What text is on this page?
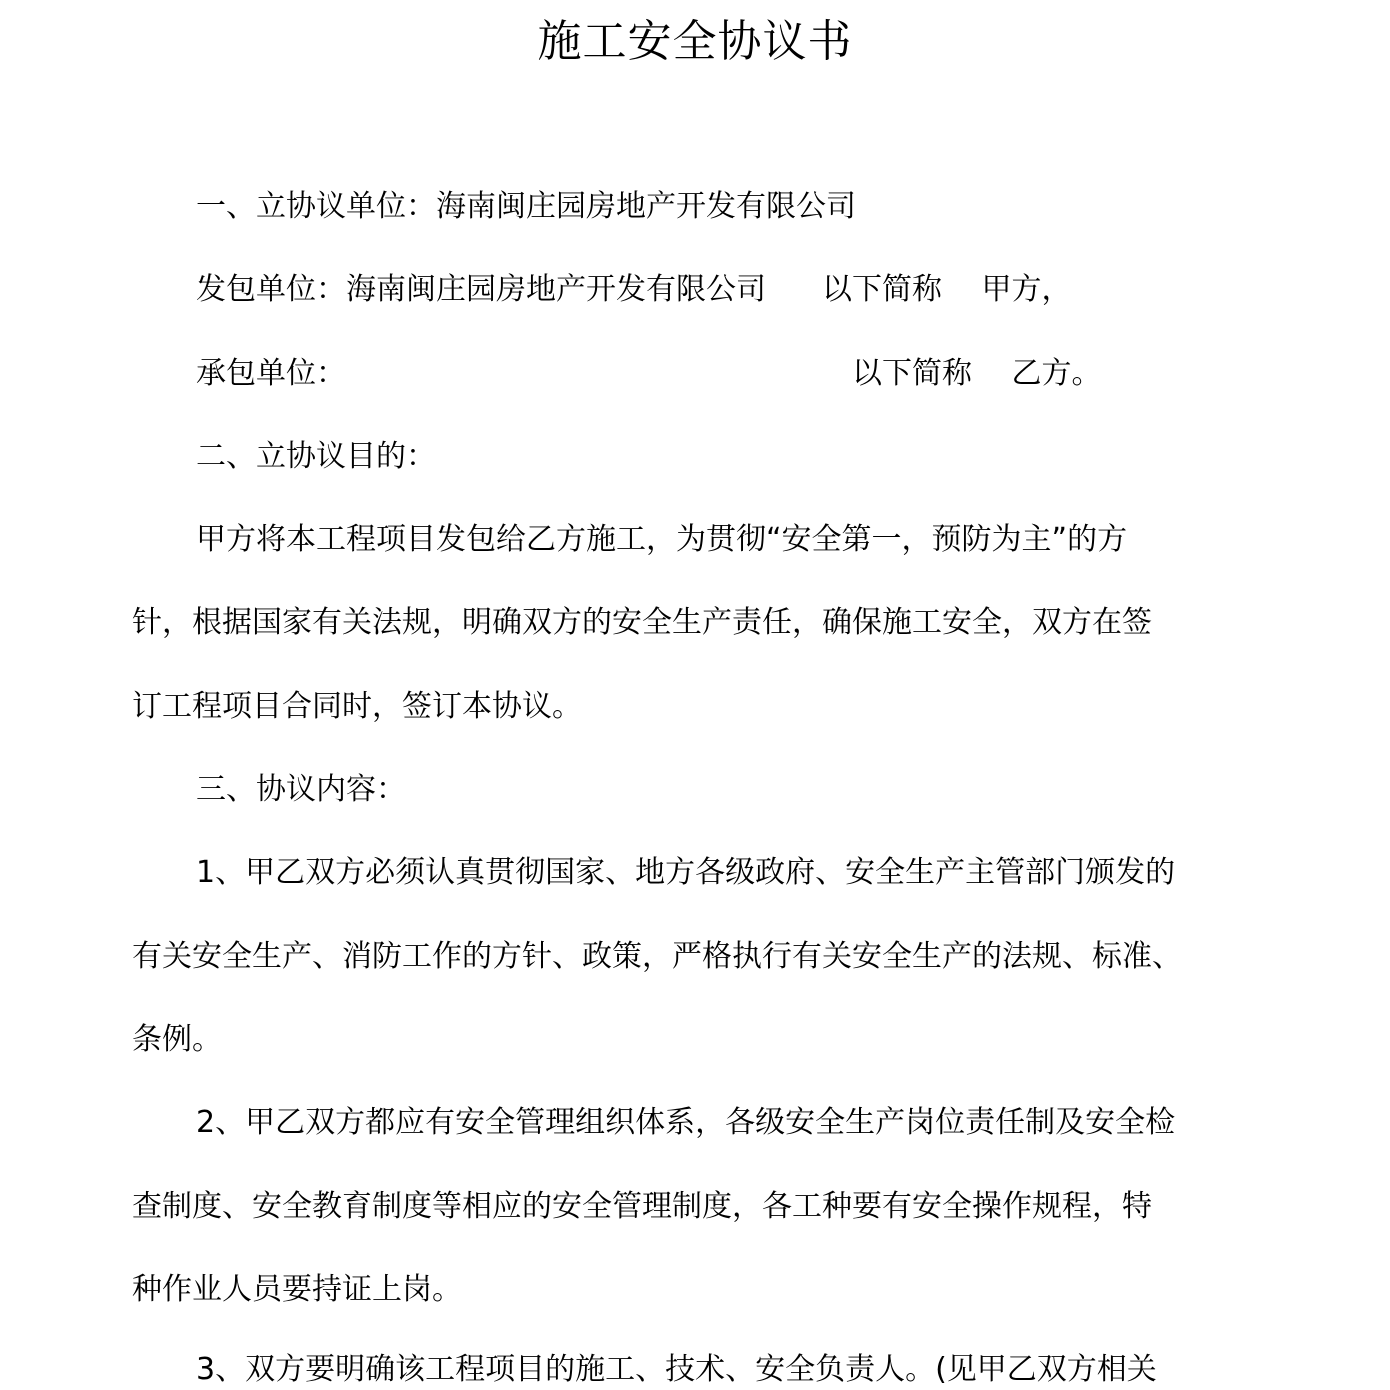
施工安全协议书
一、立协议单位：海南闽庄园房地产开发有限公司
发包单位：海南闽庄园房地产开发有限公司 以下简称　 甲方，
承包单位：	以下简称　 乙方。
二、立协议目的：
甲方将本工程项目发包给乙方施工，为贯彻“安全第一，预防为主”的方
针，根据国家有关法规，明确双方的安全生产责任，确保施工安全，双方在签
订工程项目合同时，签订本协议。
三、协议内容：
1、甲乙双方必须认真贯彻国家、地方各级政府、安全生产主管部门颁发的
有关安全生产、消防工作的方针、政策，严格执行有关安全生产的法规、标准、
条例。
2、甲乙双方都应有安全管理组织体系，各级安全生产岗位责任制及安全检
查制度、安全教育制度等相应的安全管理制度，各工种要有安全操作规程，特
种作业人员要持证上岗。
3、双方要明确该工程项目的施工、技术、安全负责人。(见甲乙双方相关
